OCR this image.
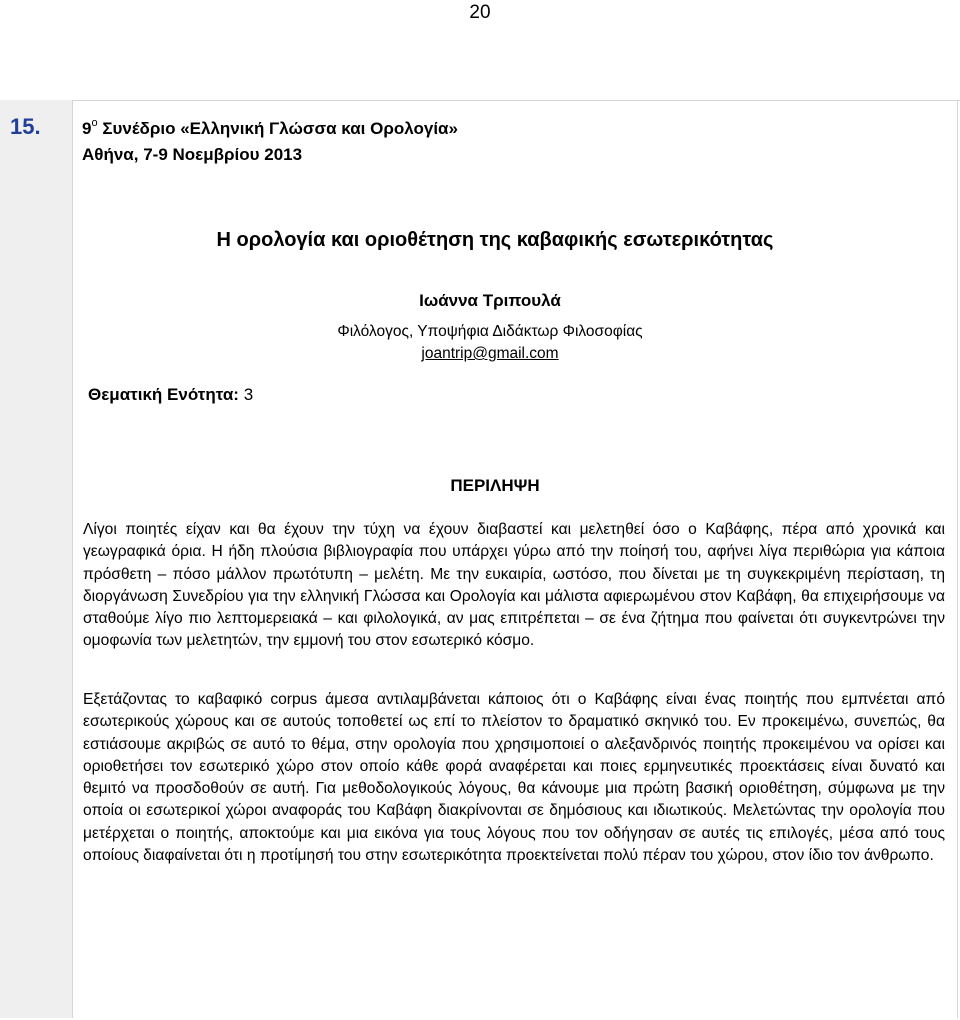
20
15. $9^o$ Συνέδριο «Ελληνική Γλώσσα και Ορολογία»
Αθήνα, 7-9 Νοεμβρίου 2013
Η ορολογία και οριοθέτηση της καβαφικής εσωτερικότητας
Ιωάννα Τριπουλά
Φιλόλογος, Υποψήφια Διδάκτωρ Φιλοσοφίας
joantrip@gmail.com
Θεματική Ενότητα: 3
ΠΕΡΙΛΗΨΗ
Λίγοι ποιητές είχαν και θα έχουν την τύχη να έχουν διαβαστεί και μελετηθεί όσο ο Καβάφης, πέρα από χρονικά και γεωγραφικά όρια. Η ήδη πλούσια βιβλιογραφία που υπάρχει γύρω από την ποίησή του, αφήνει λίγα περιθώρια για κάποια πρόσθετη – πόσο μάλλον πρωτότυπη – μελέτη. Με την ευκαιρία, ωστόσο, που δίνεται με τη συγκεκριμένη περίσταση, τη διοργάνωση Συνεδρίου για την ελληνική Γλώσσα και Ορολογία και μάλιστα αφιερωμένου στον Καβάφη, θα επιχειρήσουμε να σταθούμε λίγο πιο λεπτομερειακά – και φιλολογικά, αν μας επιτρέπεται – σε ένα ζήτημα που φαίνεται ότι συγκεντρώνει την ομοφωνία των μελετητών, την εμμονή του στον εσωτερικό κόσμο.
Εξετάζοντας το καβαφικό corpus άμεσα αντιλαμβάνεται κάποιος ότι ο Καβάφης είναι ένας ποιητής που εμπνέεται από εσωτερικούς χώρους και σε αυτούς τοποθετεί ως επί το πλείστον το δραματικό σκηνικό του. Εν προκειμένω, συνεπώς, θα εστιάσουμε ακριβώς σε αυτό το θέμα, στην ορολογία που χρησιμοποιεί ο αλεξανδρινός ποιητής προκειμένου να ορίσει και οριοθετήσει τον εσωτερικό χώρο στον οποίο κάθε φορά αναφέρεται και ποιες ερμηνευτικές προεκτάσεις είναι δυνατό και θεμιτό να προσδοθούν σε αυτή. Για μεθοδολογικούς λόγους, θα κάνουμε μια πρώτη βασική οριοθέτηση, σύμφωνα με την οποία οι εσωτερικοί χώροι αναφοράς του Καβάφη διακρίνονται σε δημόσιους και ιδιωτικούς. Μελετώντας την ορολογία που μετέρχεται ο ποιητής, αποκτούμε και μια εικόνα για τους λόγους που τον οδήγησαν σε αυτές τις επιλογές, μέσα από τους οποίους διαφαίνεται ότι η προτίμησή του στην εσωτερικότητα προεκτείνεται πολύ πέραν του χώρου, στον ίδιο τον άνθρωπο.
